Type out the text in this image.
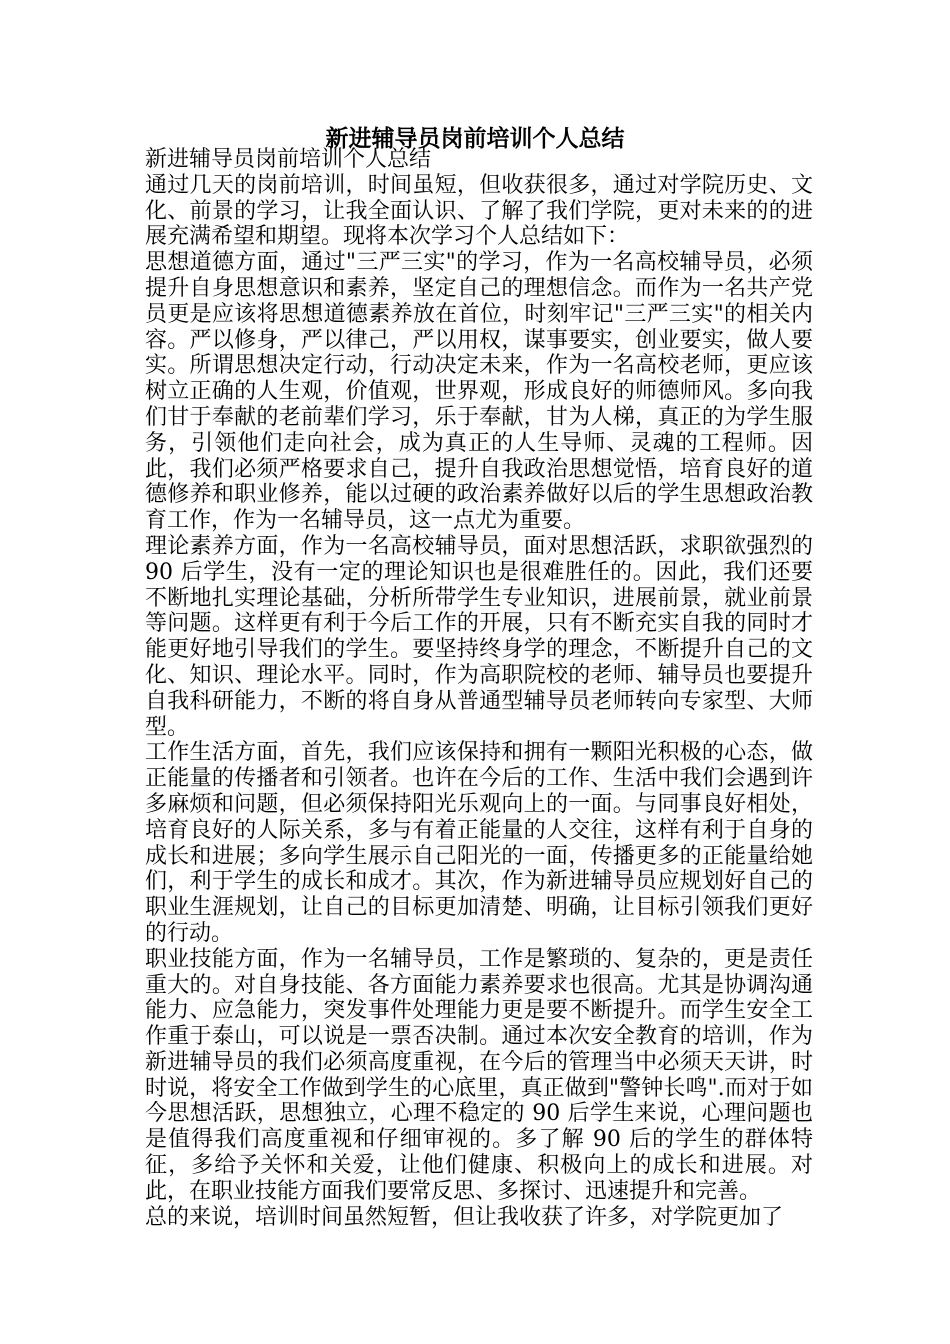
新进辅导员岗前培训个人总结

新进辅导员岗前培训个人总结

通过几天的岗前培训，时间虽短，但收获很多，通过对学院历史、文化、前景的学习，让我全面认识、了解了我们学院，更对未来的的进展充满希望和期望。现将本次学习个人总结如下：

思想道德方面，通过"三严三实"的学习，作为一名高校辅导员，必须提升自身思想意识和素养，坚定自己的理想信念。而作为一名共产党员更是应该将思想道德素养放在首位，时刻牢记"三严三实"的相关内容。严以修身，严以律己，严以用权，谋事要实，创业要实，做人要实。所谓思想决定行动，行动决定未来，作为一名高校老师，更应该树立正确的人生观，价值观，世界观，形成良好的师德师风。多向我们甘于奉献的老前辈们学习，乐于奉献，甘为人梯，真正的为学生服务，引领他们走向社会，成为真正的人生导师、灵魂的工程师。因此，我们必须严格要求自己，提升自我政治思想觉悟，培育良好的道德修养和职业修养，能以过硬的政治素养做好以后的学生思想政治教育工作，作为一名辅导员，这一点尤为重要。

理论素养方面，作为一名高校辅导员，面对思想活跃，求职欲强烈的 90 后学生，没有一定的理论知识也是很难胜任的。因此，我们还要不断地扎实理论基础，分析所带学生专业知识，进展前景，就业前景等问题。这样更有利于今后工作的开展，只有不断充实自我的同时才能更好地引导我们的学生。要坚持终身学的理念，不断提升自己的文化、知识、理论水平。同时，作为高职院校的老师、辅导员也要提升自我科研能力，不断的将自身从普通型辅导员老师转向专家型、大师型。

工作生活方面，首先，我们应该保持和拥有一颗阳光积极的心态，做正能量的传播者和引领者。也许在今后的工作、生活中我们会遇到许多麻烦和问题，但必须保持阳光乐观向上的一面。与同事良好相处，培育良好的人际关系，多与有着正能量的人交往，这样有利于自身的成长和进展；多向学生展示自己阳光的一面，传播更多的正能量给她们，利于学生的成长和成才。其次，作为新进辅导员应规划好自己的职业生涯规划，让自己的目标更加清楚、明确，让目标引领我们更好的行动。

职业技能方面，作为一名辅导员，工作是繁琐的、复杂的，更是责任重大的。对自身技能、各方面能力素养要求也很高。尤其是协调沟通能力、应急能力，突发事件处理能力更是要不断提升。而学生安全工作重于泰山，可以说是一票否决制。通过本次安全教育的培训，作为新进辅导员的我们必须高度重视，在今后的管理当中必须天天讲，时时说，将安全工作做到学生的心底里，真正做到"警钟长鸣".而对于如今思想活跃，思想独立，心理不稳定的 90 后学生来说，心理问题也是值得我们高度重视和仔细审视的。多了解 90 后的学生的群体特征，多给予关怀和关爱，让他们健康、积极向上的成长和进展。对此，在职业技能方面我们要常反思、多探讨、迅速提升和完善。

总的来说，培训时间虽然短暂，但让我收获了许多，对学院更加了
